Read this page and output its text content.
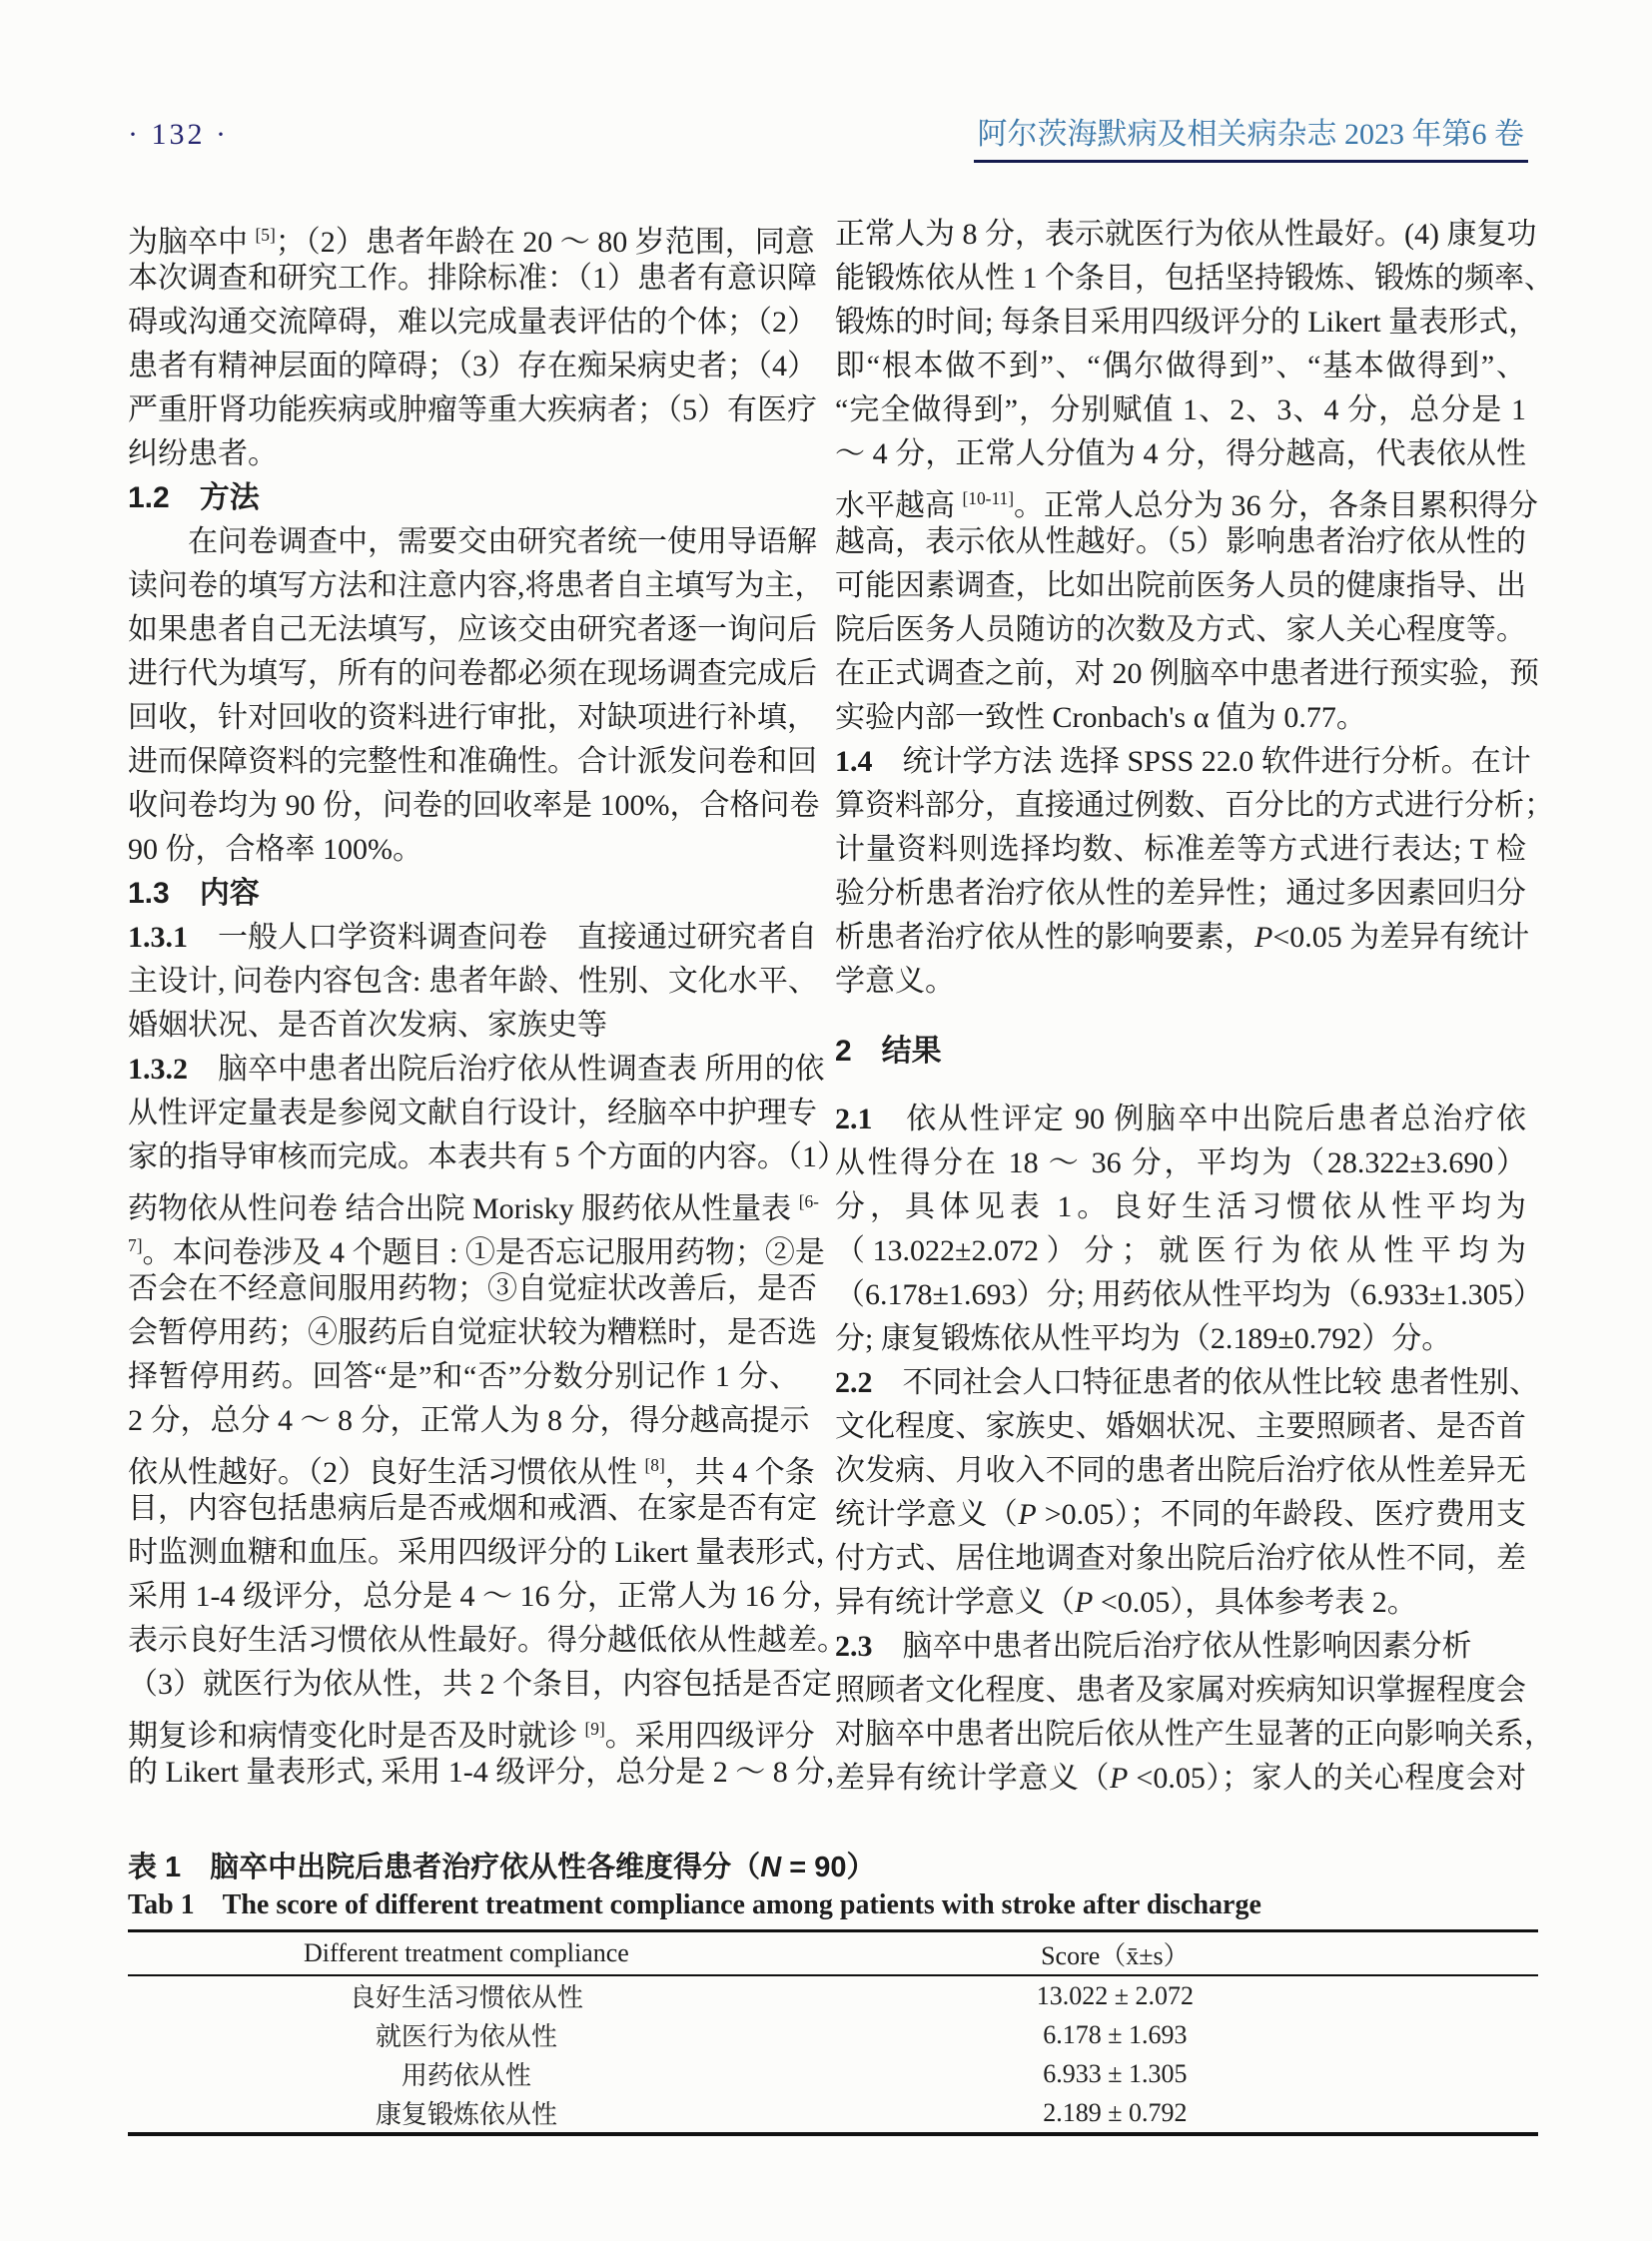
· 132 ·	阿尔茨海默病及相关病杂志 2023 年第6 卷
为脑卒中 [5]；（2）患者年龄在 20 ～ 80 岁范围，同意
本次调查和研究工作。排除标准：（1）患者有意识障
碍或沟通交流障碍，难以完成量表评估的个体；（2）
患者有精神层面的障碍；（3）存在痴呆病史者；（4）
严重肝肾功能疾病或肿瘤等重大疾病者；（5）有医疗
纠纷患者。
1.2　方法
在问卷调查中，需要交由研究者统一使用导语解
读问卷的填写方法和注意内容,将患者自主填写为主，
如果患者自己无法填写，应该交由研究者逐一询问后
进行代为填写，所有的问卷都必须在现场调查完成后
回收，针对回收的资料进行审批，对缺项进行补填，
进而保障资料的完整性和准确性。合计派发问卷和回
收问卷均为 90 份，问卷的回收率是 100%，合格问卷
90 份，合格率 100%。
1.3　内容
1.3.1　一般人口学资料调查问卷　直接通过研究者自
主设计, 问卷内容包含: 患者年龄、性别、文化水平、
婚姻状况、是否首次发病、家族史等
1.3.2　脑卒中患者出院后治疗依从性调查表 所用的依
从性评定量表是参阅文献自行设计，经脑卒中护理专
家的指导审核而完成。本表共有 5 个方面的内容。（1）
药物依从性问卷 结合出院 Morisky 服药依从性量表 $^{[6-}$
$^{7]}$。本问卷涉及 4 个题目 : ①是否忘记服用药物；②是
否会在不经意间服用药物；③自觉症状改善后，是否
会暂停用药；④服药后自觉症状较为糟糕时，是否选
择暂停用药。回答“是”和“否”分数分别记作 1 分、
2 分，总分 4 ～ 8 分，正常人为 8 分，得分越高提示
依从性越好。（2）良好生活习惯依从性 [8]，共 4 个条
目，内容包括患病后是否戒烟和戒酒、在家是否有定
时监测血糖和血压。采用四级评分的 Likert 量表形式，
采用 1-4 级评分，总分是 4 ～ 16 分，正常人为 16 分，
表示良好生活习惯依从性最好。得分越低依从性越差。
（3）就医行为依从性，共 2 个条目，内容包括是否定
期复诊和病情变化时是否及时就诊 [9]。采用四级评分
的 Likert 量表形式, 采用 1-4 级评分，总分是 2 ～ 8 分，
正常人为 8 分，表示就医行为依从性最好。(4) 康复功
能锻炼依从性 1 个条目，包括坚持锻炼、锻炼的频率、
锻炼的时间; 每条目采用四级评分的 Likert 量表形式，
即“根本做不到”、“偶尔做得到”、“基本做得到”、
“完全做得到”，分别赋值 1、2、3、4 分，总分是 1
～ 4 分，正常人分值为 4 分，得分越高，代表依从性
水平越高 [10-11]。正常人总分为 36 分，各条目累积得分
越高，表示依从性越好。（5）影响患者治疗依从性的
可能因素调查，比如出院前医务人员的健康指导、出
院后医务人员随访的次数及方式、家人关心程度等。
在正式调查之前，对 20 例脑卒中患者进行预实验，预
实验内部一致性 Cronbach's α 值为 0.77。
1.4　统计学方法 选择 SPSS 22.0 软件进行分析。在计
算资料部分，直接通过例数、百分比的方式进行分析；
计量资料则选择均数、标准差等方式进行表达; T 检
验分析患者治疗依从性的差异性；通过多因素回归分
析患者治疗依从性的影响要素，P<0.05 为差异有统计
学意义。
2　结果
2.1　依从性评定 90 例脑卒中出院后患者总治疗依
从性得分在 18 ～ 36 分，平均为（28.322±3.690）
分，具体见表 1。良好生活习惯依从性平均为
（13.022±2.072）分；就医行为依从性平均为
（6.178±1.693）分; 用药依从性平均为（6.933±1.305）
分; 康复锻炼依从性平均为（2.189±0.792）分。
2.2　不同社会人口特征患者的依从性比较 患者性别、
文化程度、家族史、婚姻状况、主要照顾者、是否首
次发病、月收入不同的患者出院后治疗依从性差异无
统计学意义（P >0.05）；不同的年龄段、医疗费用支
付方式、居住地调查对象出院后治疗依从性不同，差
异有统计学意义（P <0.05），具体参考表 2。
2.3　脑卒中患者出院后治疗依从性影响因素分析
照顾者文化程度、患者及家属对疾病知识掌握程度会
对脑卒中患者出院后依从性产生显著的正向影响关系，
差异有统计学意义（P <0.05）；家人的关心程度会对
表 1　脑卒中出院后患者治疗依从性各维度得分（N = 90）
Tab 1　The score of different treatment compliance among patients with stroke after discharge
Different treatment compliance	Score（x̄±s）
良好生活习惯依从性	13.022 ± 2.072
就医行为依从性	6.178 ± 1.693
用药依从性	6.933 ± 1.305
康复锻炼依从性	2.189 ± 0.792
